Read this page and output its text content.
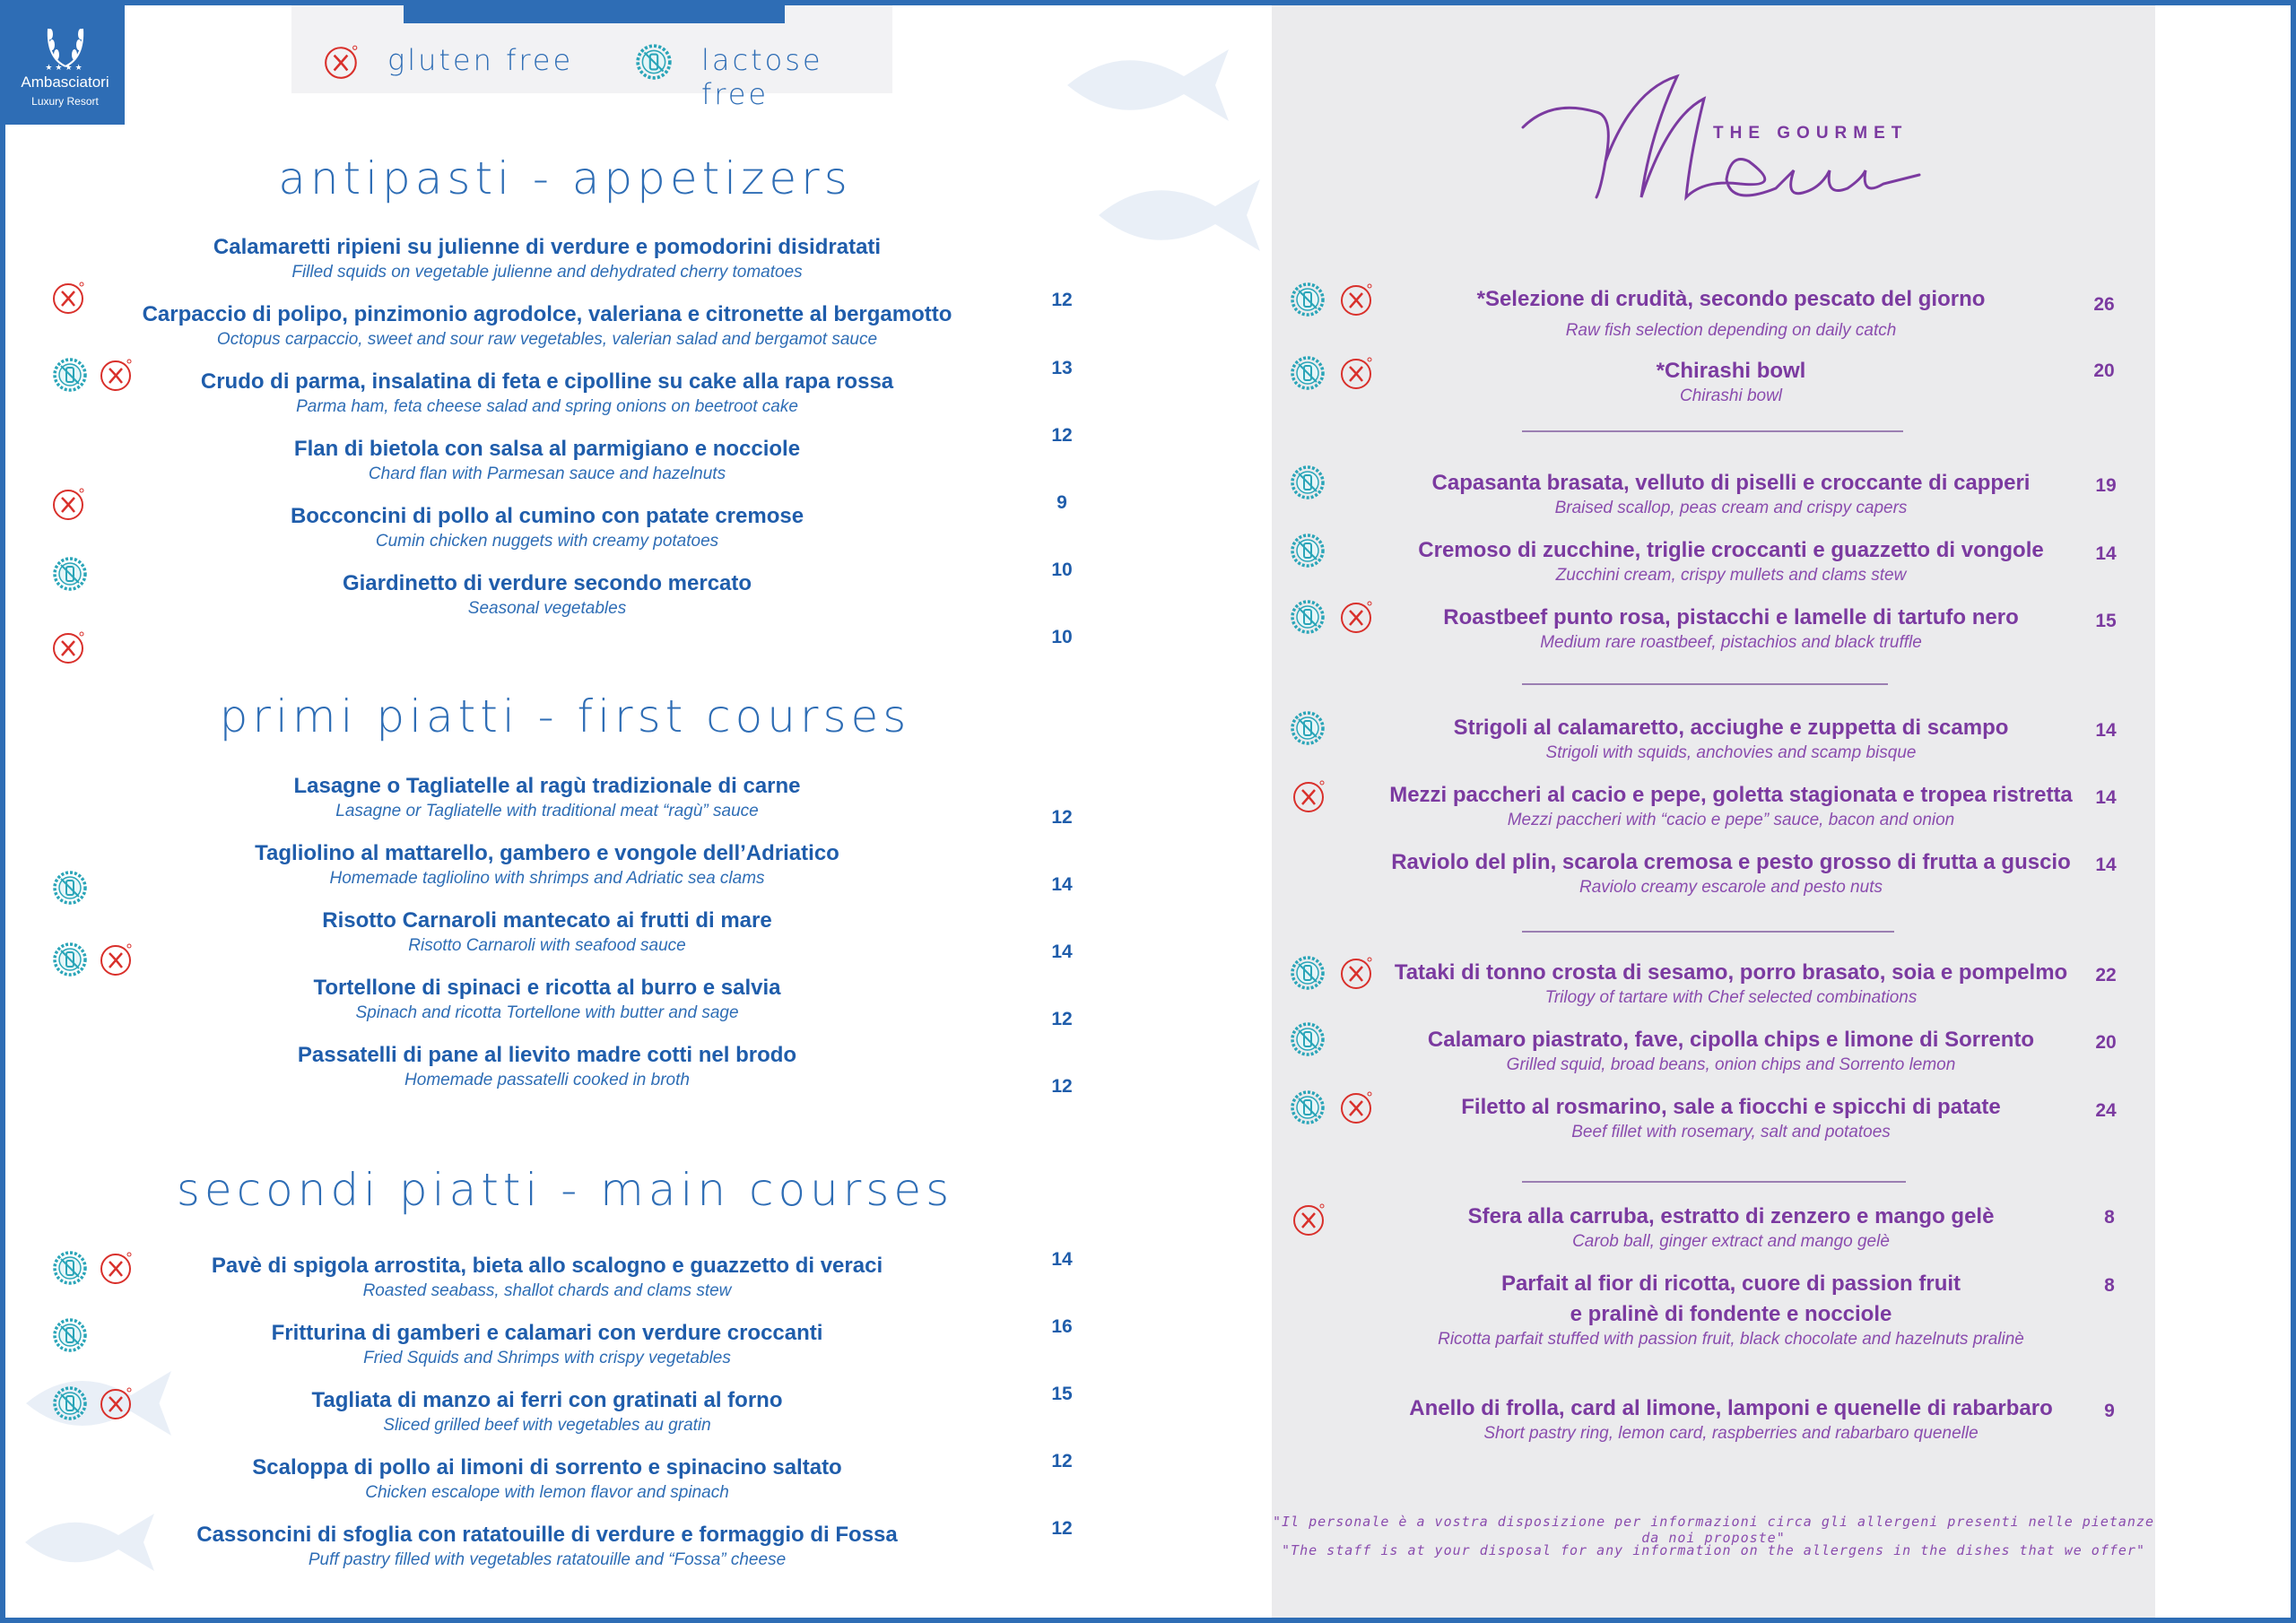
★★★★
Ambasciatori
Luxury Resort
gluten free	lactose free
antipasti - appetizers
primi piatti - first courses
secondi piatti - main courses
Calamaretti ripieni su julienne di verdure e pomodorini disidratati
Filled squids on vegetable julienne and dehydrated cherry tomatoes
Carpaccio di polipo, pinzimonio agrodolce, valeriana e citronette al bergamotto
Octopus carpaccio, sweet and sour raw vegetables, valerian salad and bergamot sauce
Crudo di parma, insalatina di feta e cipolline su cake alla rapa rossa
Parma ham, feta cheese salad and spring onions on beetroot cake
Flan di bietola con salsa al parmigiano e nocciole
Chard flan with Parmesan sauce and hazelnuts
Bocconcini di pollo al cumino con patate cremose
Cumin chicken nuggets with creamy potatoes
Giardinetto di verdure secondo mercato
Seasonal vegetables
12
13
12
9
10
10
Lasagne o Tagliatelle al ragù tradizionale di carne
Lasagne or Tagliatelle with traditional meat “ragù” sauce
Tagliolino al mattarello, gambero e vongole dell’Adriatico
Homemade tagliolino with shrimps and Adriatic sea clams
Risotto Carnaroli mantecato ai frutti di mare
Risotto Carnaroli with seafood sauce
Tortellone di spinaci e ricotta al burro e salvia
Spinach and ricotta Tortellone with butter and sage
Passatelli di pane al lievito madre cotti nel brodo
Homemade passatelli cooked in broth
12
14
14
12
12
Pavè di spigola arrostita, bieta allo scalogno e guazzetto di veraci
Roasted seabass, shallot chards and clams stew
Fritturina di gamberi e calamari con verdure croccanti
Fried Squids and Shrimps with crispy vegetables
Tagliata di manzo ai ferri con gratinati al forno
Sliced grilled beef with vegetables au gratin
Scaloppa di pollo ai limoni di sorrento e spinacino saltato
Chicken escalope with lemon flavor and spinach
Cassoncini di sfoglia con ratatouille di verdure e formaggio di Fossa
Puff pastry filled with vegetables ratatouille and “Fossa” cheese
14
16
15
12
12
THE GOURMET
*Selezione di crudità, secondo pescato del giorno
Raw fish selection depending on daily catch
*Chirashi bowl
Chirashi bowl
Capasanta brasata, velluto di piselli e croccante di capperi
Braised scallop, peas cream and crispy capers
Cremoso di zucchine, triglie croccanti e guazzetto di vongole
Zucchini cream, crispy mullets and clams stew
Roastbeef punto rosa, pistacchi e lamelle di tartufo nero
Medium rare roastbeef, pistachios and black truffle
Strigoli al calamaretto, acciughe e zuppetta di scampo
Strigoli with squids, anchovies and scamp bisque
Mezzi paccheri al cacio e pepe, goletta stagionata e tropea ristretta
Mezzi paccheri with “cacio e pepe” sauce, bacon and onion
Raviolo del plin, scarola cremosa e pesto grosso di frutta a guscio
Raviolo creamy escarole and pesto nuts
Tataki di tonno crosta di sesamo, porro brasato, soia e pompelmo
Trilogy of tartare with Chef selected combinations
Calamaro piastrato, fave, cipolla chips e limone di Sorrento
Grilled squid, broad beans, onion chips and Sorrento lemon
Filetto al rosmarino, sale a fiocchi e spicchi di patate
Beef fillet with rosemary, salt and potatoes
Sfera alla carruba, estratto di zenzero e mango gelè
Carob ball, ginger extract and mango gelè
Parfait al fior di ricotta, cuore di passion fruit
e pralinè di fondente e nocciole
Ricotta parfait stuffed with passion fruit, black chocolate and hazelnuts pralinè
Anello di frolla, card al limone, lamponi e quenelle di rabarbaro
Short pastry ring, lemon card, raspberries and rabarbaro quenelle
26
20
19
14
15
14
14
14
22
20
24
8
8
9
"Il personale è a vostra disposizione per informazioni circa gli allergeni presenti nelle pietanze da noi proposte"
"The staff is at your disposal for any information on the allergens in the dishes that we offer"
